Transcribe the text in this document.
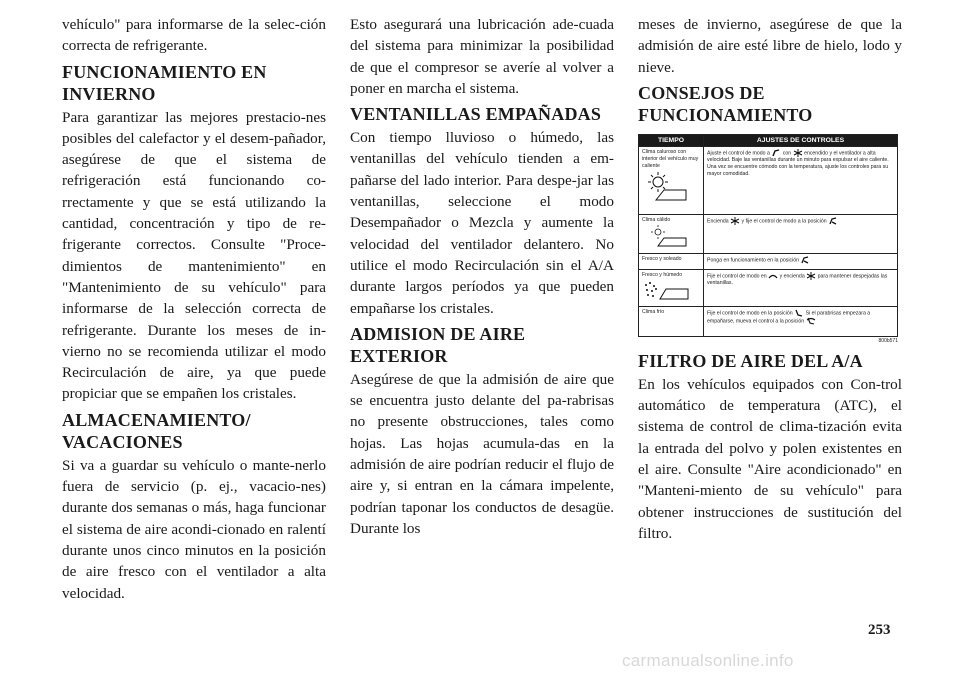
vehículo" para informarse de la selec-ción correcta de refrigerante.

FUNCIONAMIENTO EN INVIERNO

Para garantizar las mejores prestacio-nes posibles del calefactor y el desem-pañador, asegúrese de que el sistema de refrigeración está funcionando co-rrectamente y que se está utilizando la cantidad, concentración y tipo de re-frigerante correctos. Consulte "Proce-dimientos de mantenimiento" en "Mantenimiento de su vehículo" para informarse de la selección correcta de refrigerante. Durante los meses de in-vierno no se recomienda utilizar el modo Recirculación de aire, ya que puede propiciar que se empañen los cristales.

ALMACENAMIENTO/ VACACIONES

Si va a guardar su vehículo o mante-nerlo fuera de servicio (p. ej., vacacio-nes) durante dos semanas o más, haga funcionar el sistema de aire acondi-cionado en ralentí durante unos cinco minutos en la posición de aire fresco con el ventilador a alta velocidad.

Esto asegurará una lubricación ade-cuada del sistema para minimizar la posibilidad de que el compresor se averíe al volver a poner en marcha el sistema.

VENTANILLAS EMPAÑADAS

Con tiempo lluvioso o húmedo, las ventanillas del vehículo tienden a em-pañarse del lado interior. Para despe-jar las ventanillas, seleccione el modo Desempañador o Mezcla y aumente la velocidad del ventilador delantero. No utilice el modo Recirculación sin el A/A durante largos períodos ya que pueden empañarse los cristales.

ADMISION DE AIRE EXTERIOR

Asegúrese de que la admisión de aire que se encuentra justo delante del pa-rabrisas no presente obstrucciones, tales como hojas. Las hojas acumula-das en la admisión de aire podrían reducir el flujo de aire y, si entran en la cámara impelente, podrían taponar los conductos de desagüe. Durante los

meses de invierno, asegúrese de que la admisión de aire esté libre de hielo, lodo y nieve.

CONSEJOS DE FUNCIONAMIENTO
TIEMPO	AJUSTES DE CONTROLES

Clima caluroso con interior del vehículo muy caliente	Ajuste el control de modo a con encendido y el ventilador a alta velocidad. Baje las ventanillas durante un minuto para expulsar el aire caliente. Una vez se encuentre cómodo con la temperatura, ajuste los controles para su mayor comodidad.

Clima cálido	Encienda y fije el control de modo a la posición

Fresco y soleado	Ponga en funcionamiento en la posición

Fresco y húmedo	Fije el control de modo en y encienda para mantener despejadas las ventanillas.

Clima frío	Fije el control de modo en la posición Si el parabrisas empezara a empañarse, mueva el control a la posición
800b571
FILTRO DE AIRE DEL A/A

En los vehículos equipados con Con-trol automático de temperatura (ATC), el sistema de control de clima-tización evita la entrada del polvo y polen existentes en el aire. Consulte "Aire acondicionado" en "Manteni-miento de su vehículo" para obtener instrucciones de sustitución del filtro.

253
carmanualsonline.info
